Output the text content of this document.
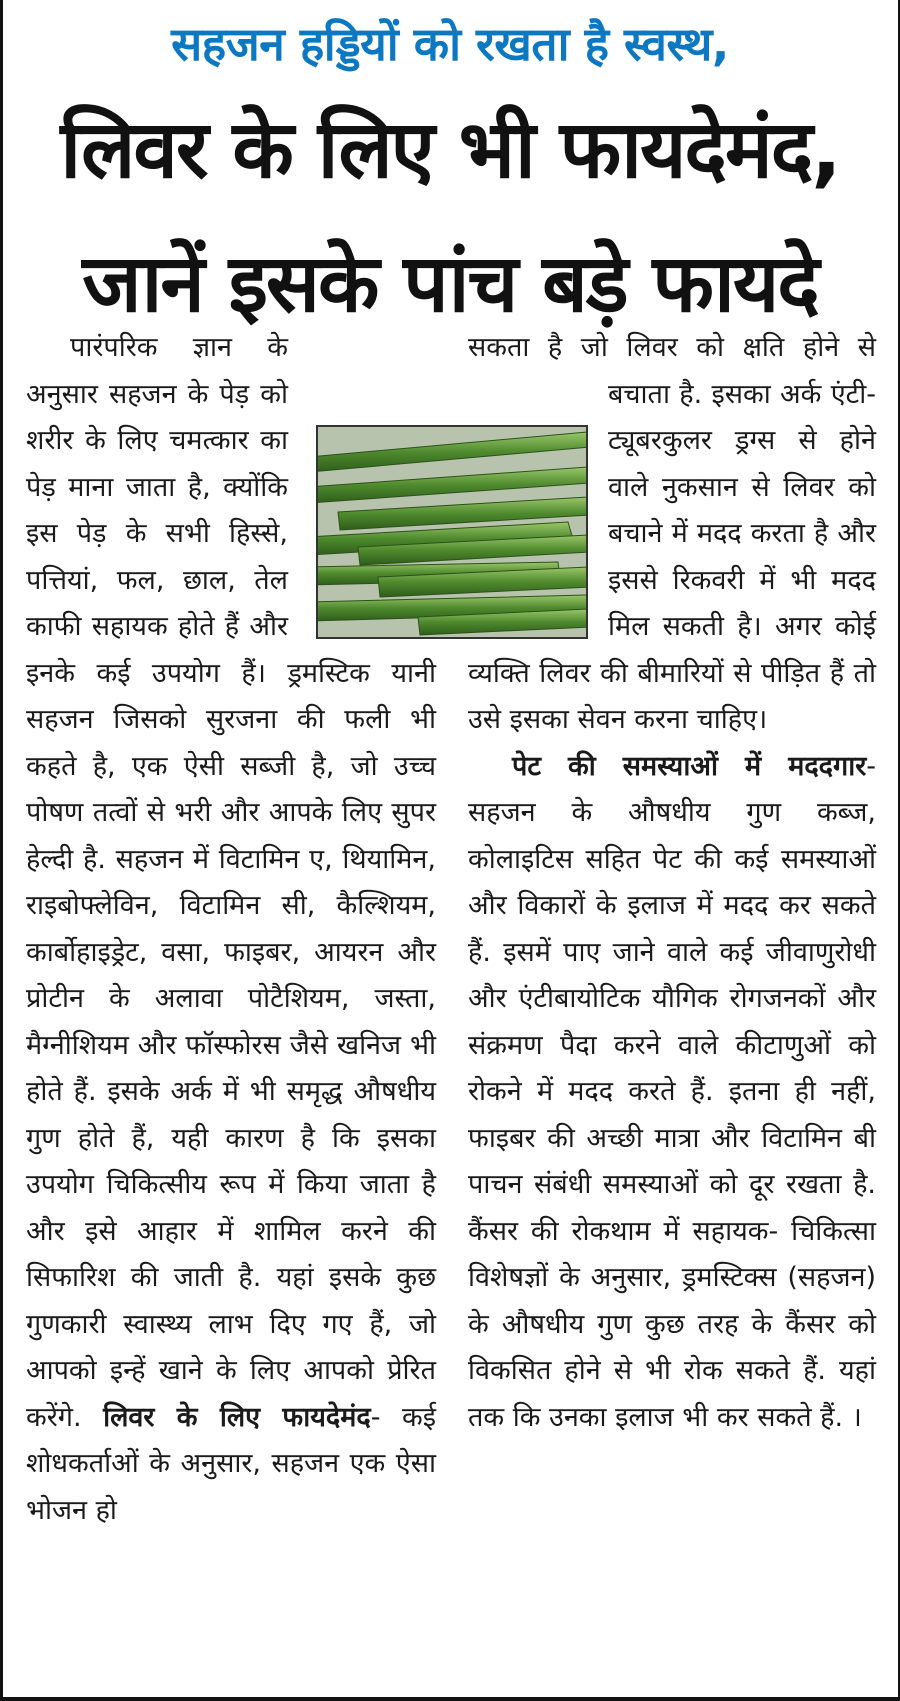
सहजन हड्डियों को रखता है स्वस्थ,
लिवर के लिए भी फायदेमंद,
जानें इसके पांच बड़े फायदे

पारंपरिक ज्ञान के अनुसार सहजन के पेड़ को शरीर के लिए चमत्कार का पेड़ माना जाता है, क्योंकि इस पेड़ के सभी हिस्से, पत्तियां, फल, छाल, तेल काफी सहायक होते हैं और इनके कई उपयोग हैं। ड्रमस्टिक यानी सहजन जिसको सुरजना की फली भी कहते है, एक ऐसी सब्जी है, जो उच्च पोषण तत्वों से भरी और आपके लिए सुपर हेल्दी है. सहजन में विटामिन ए, थियामिन, राइबोफ्लेविन, विटामिन सी, कैल्शियम, कार्बोहाइड्रेट, वसा, फाइबर, आयरन और प्रोटीन के अलावा पोटैशियम, जस्ता, मैग्नीशियम और फॉस्फोरस जैसे खनिज भी होते हैं. इसके अर्क में भी समृद्ध औषधीय गुण होते हैं, यही कारण है कि इसका उपयोग चिकित्सीय रूप में किया जाता है और इसे आहार में शामिल करने की सिफारिश की जाती है. यहां इसके कुछ गुणकारी स्वास्थ्य लाभ दिए गए हैं, जो आपको इन्हें खाने के लिए आपको प्रेरित करेंगे. लिवर के लिए फायदेमंद- कई शोधकर्ताओं के अनुसार, सहजन एक ऐसा भोजन हो

सकता है जो लिवर को क्षति होने से बचाता है. इसका अर्क एंटी-ट्यूबरकुलर ड्रग्स से होने वाले नुकसान से लिवर को बचाने में मदद करता है और इससे रिकवरी में भी मदद मिल सकती है। अगर कोई व्यक्ति लिवर की बीमारियों से पीड़ित हैं तो उसे इसका सेवन करना चाहिए।

पेट की समस्याओं में मददगार- सहजन के औषधीय गुण कब्ज, कोलाइटिस सहित पेट की कई समस्याओं और विकारों के इलाज में मदद कर सकते हैं. इसमें पाए जाने वाले कई जीवाणुरोधी और एंटीबायोटिक यौगिक रोगजनकों और संक्रमण पैदा करने वाले कीटाणुओं को रोकने में मदद करते हैं. इतना ही नहीं, फाइबर की अच्छी मात्रा और विटामिन बी पाचन संबंधी समस्याओं को दूर रखता है. कैंसर की रोकथाम में सहायक- चिकित्सा विशेषज्ञों के अनुसार, ड्रमस्टिक्स (सहजन) के औषधीय गुण कुछ तरह के कैंसर को विकसित होने से भी रोक सकते हैं. यहां तक कि उनका इलाज भी कर सकते हैं. ।
